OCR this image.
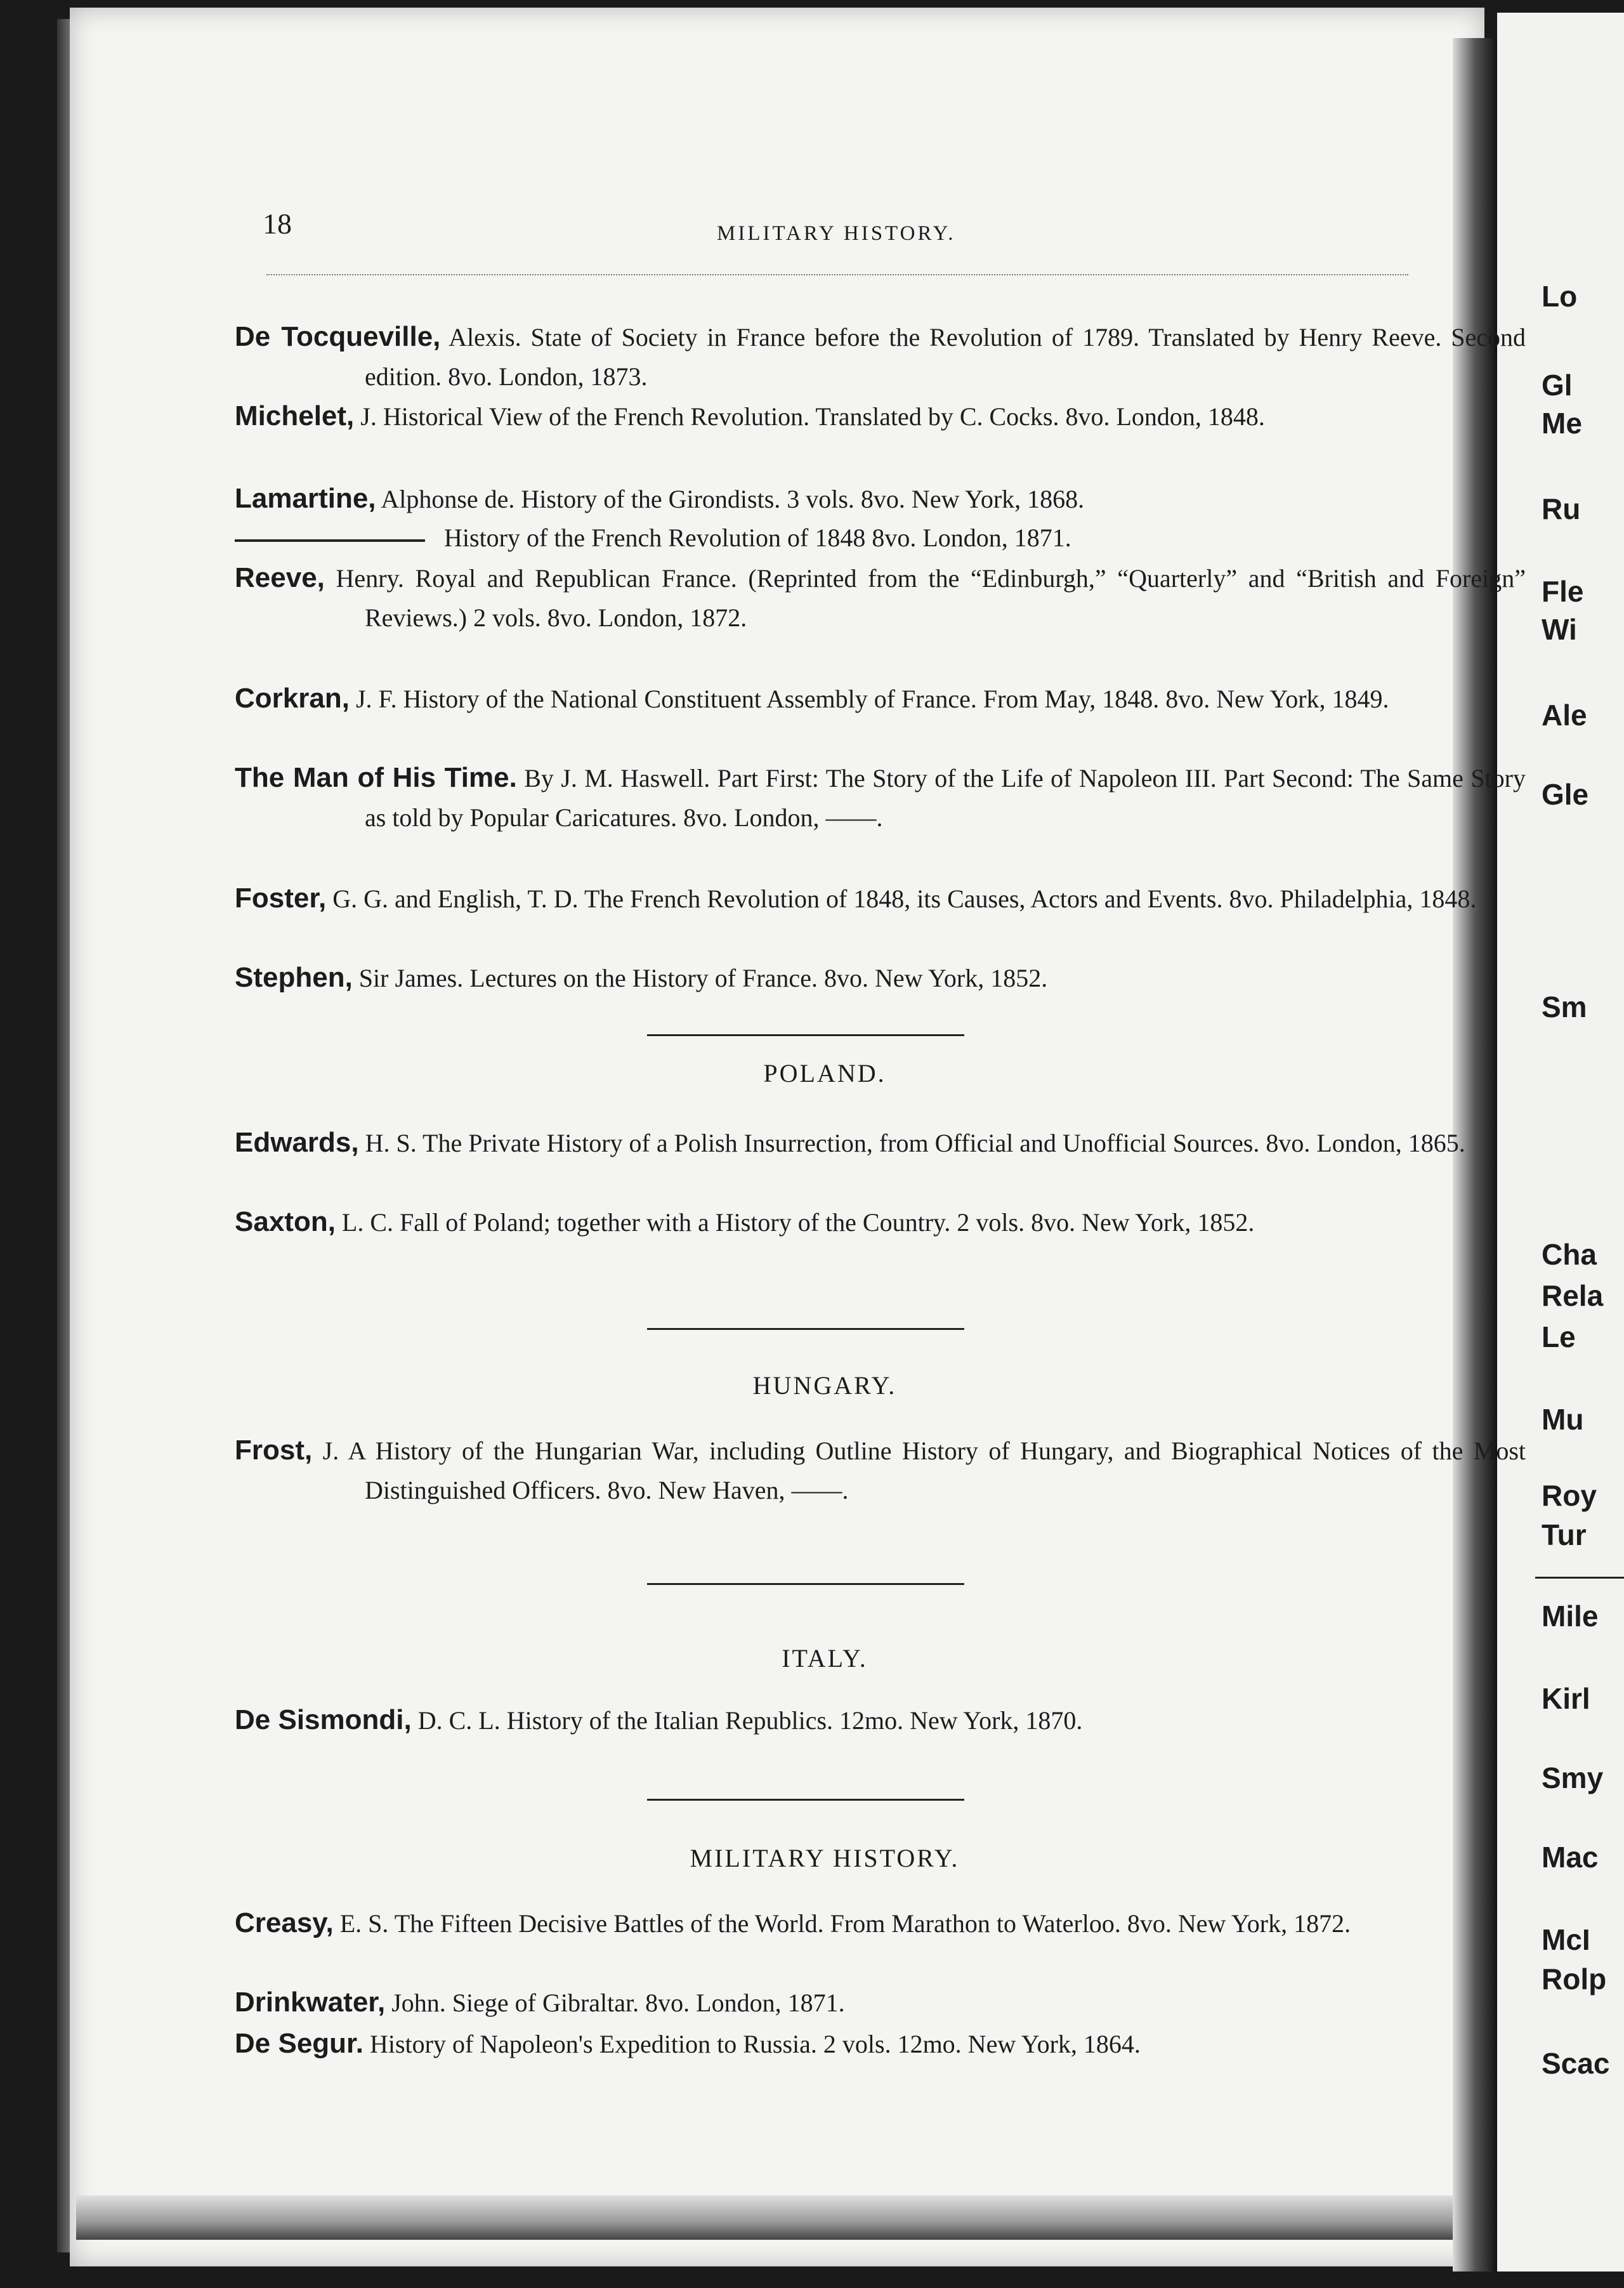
Lo
Gl
Me
Ru
Fle
Wi
Ale
Gle
Sm
Cha
Rela
Le
Mu
Roy
Tur
Mile
Kirl
Smy
Mac
McI
Rolp
Scac
18	MILITARY HISTORY.
De Tocqueville, Alexis. State of Society in France before the Revolution of 1789. Translated by Henry Reeve. Second edition. 8vo. London, 1873.
Michelet, J. Historical View of the French Revolution. Translated by C. Cocks. 8vo. London, 1848.
Lamartine, Alphonse de. History of the Girondists. 3 vols. 8vo. New York, 1868.
History of the French Revolution of 1848 8vo. London, 1871.
Reeve, Henry. Royal and Republican France. (Reprinted from the “Edinburgh,” “Quarterly” and “British and Foreign” Reviews.) 2 vols. 8vo. London, 1872.
Corkran, J. F. History of the National Constituent Assembly of France. From May, 1848. 8vo. New York, 1849.
The Man of His Time. By J. M. Haswell. Part First: The Story of the Life of Napoleon III. Part Second: The Same Story as told by Popular Caricatures. 8vo. London, ——.
Foster, G. G. and English, T. D. The French Revolution of 1848, its Causes, Actors and Events. 8vo. Philadelphia, 1848.
Stephen, Sir James. Lectures on the History of France. 8vo. New York, 1852.
POLAND.
Edwards, H. S. The Private History of a Polish Insurrection, from Official and Unofficial Sources. 8vo. London, 1865.
Saxton, L. C. Fall of Poland; together with a History of the Country. 2 vols. 8vo. New York, 1852.
HUNGARY.
Frost, J. A History of the Hungarian War, including Outline History of Hungary, and Biographical Notices of the Most Distinguished Officers. 8vo. New Haven, ——.
ITALY.
De Sismondi, D. C. L. History of the Italian Republics. 12mo. New York, 1870.
MILITARY HISTORY.
Creasy, E. S. The Fifteen Decisive Battles of the World. From Marathon to Waterloo. 8vo. New York, 1872.
Drinkwater, John. Siege of Gibraltar. 8vo. London, 1871.
De Segur. History of Napoleon's Expedition to Russia. 2 vols. 12mo. New York, 1864.
